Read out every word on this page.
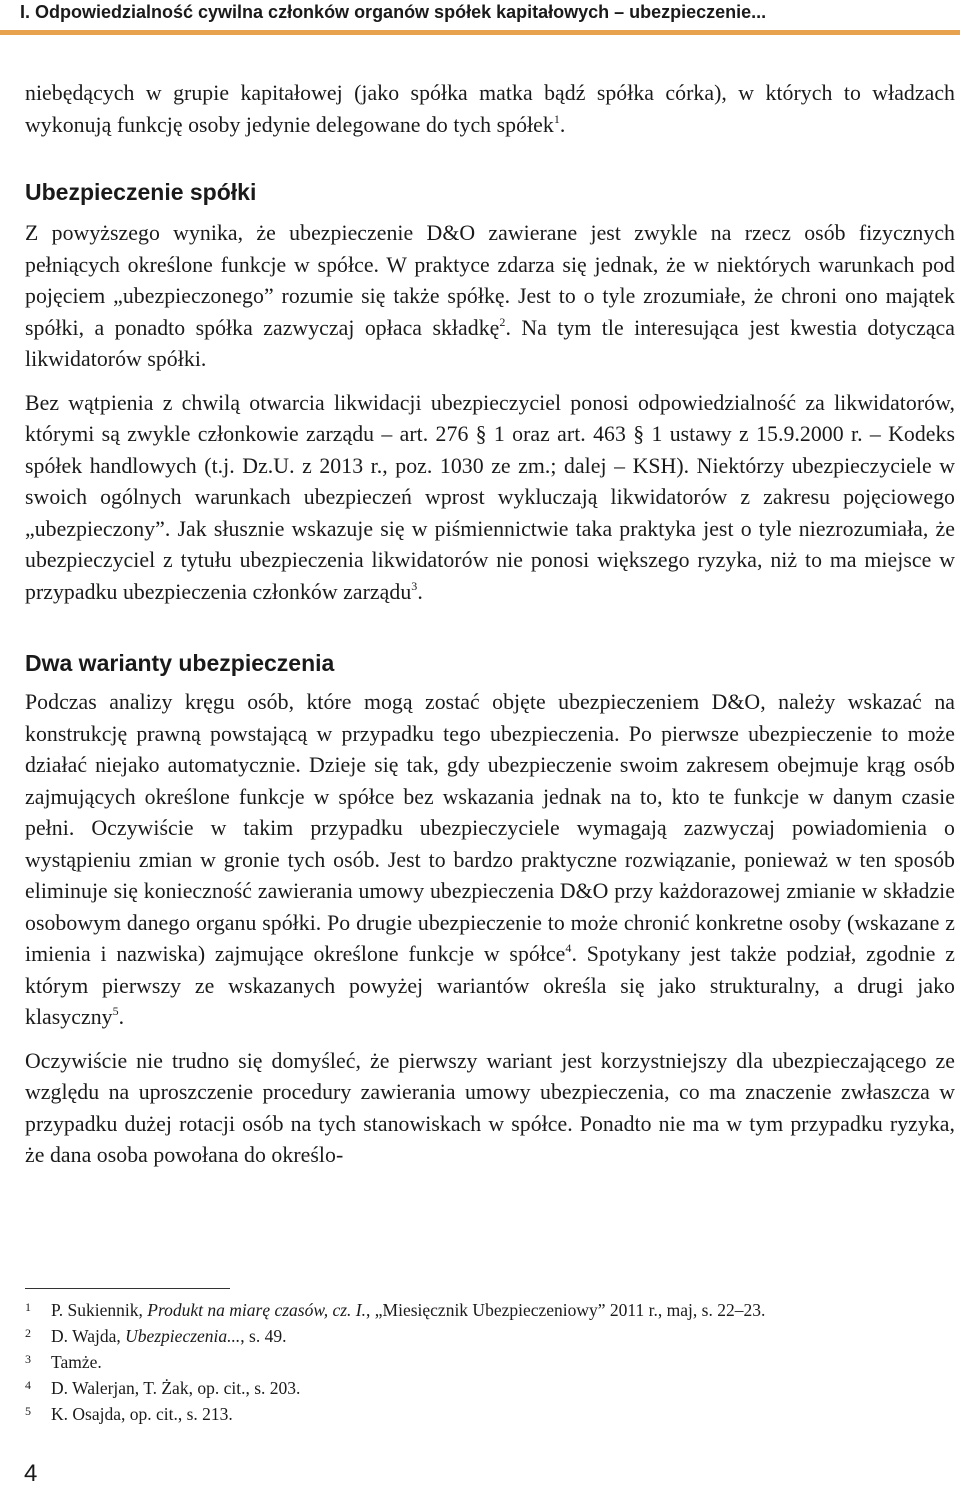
I. Odpowiedzialność cywilna członków organów spółek kapitałowych – ubezpieczenie...

niebędących w grupie kapitałowej (jako spółka matka bądź spółka córka), w których to władzach wykonują funkcję osoby jedynie delegowane do tych spółek$^1$.

Ubezpieczenie spółki

Z powyższego wynika, że ubezpieczenie D&O zawierane jest zwykle na rzecz osób fizycznych pełniących określone funkcje w spółce. W praktyce zdarza się jednak, że w niektórych warunkach pod pojęciem „ubezpieczonego” rozumie się także spółkę. Jest to o tyle zrozumiałe, że chroni ono majątek spółki, a ponadto spółka zazwyczaj opłaca składkę$^2$. Na tym tle interesująca jest kwestia dotycząca likwidatorów spółki.

Bez wątpienia z chwilą otwarcia likwidacji ubezpieczyciel ponosi odpowiedzialność za likwidatorów, którymi są zwykle członkowie zarządu – art. 276 § 1 oraz art. 463 § 1 ustawy z 15.9.2000 r. – Kodeks spółek handlowych (t.j. Dz.U. z 2013 r., poz. 1030 ze zm.; dalej – KSH). Niektórzy ubezpieczyciele w swoich ogólnych warunkach ubezpieczeń wprost wykluczają likwidatorów z zakresu pojęciowego „ubezpieczony”. Jak słusznie wskazuje się w piśmiennictwie taka praktyka jest o tyle niezrozumiała, że ubezpieczyciel z tytułu ubezpieczenia likwidatorów nie ponosi większego ryzyka, niż to ma miejsce w przypadku ubezpieczenia członków zarządu$^3$.

Dwa warianty ubezpieczenia

Podczas analizy kręgu osób, które mogą zostać objęte ubezpieczeniem D&O, należy wskazać na konstrukcję prawną powstającą w przypadku tego ubezpieczenia. Po pierwsze ubezpieczenie to może działać niejako automatycznie. Dzieje się tak, gdy ubezpieczenie swoim zakresem obejmuje krąg osób zajmujących określone funkcje w spółce bez wskazania jednak na to, kto te funkcje w danym czasie pełni. Oczywiście w takim przypadku ubezpieczyciele wymagają zazwyczaj powiadomienia o wystąpieniu zmian w gronie tych osób. Jest to bardzo praktyczne rozwiązanie, ponieważ w ten sposób eliminuje się konieczność zawierania umowy ubezpieczenia D&O przy każdorazowej zmianie w składzie osobowym danego organu spółki. Po drugie ubezpieczenie to może chronić konkretne osoby (wskazane z imienia i nazwiska) zajmujące określone funkcje w spółce$^4$. Spotykany jest także podział, zgodnie z którym pierwszy ze wskazanych powyżej wariantów określa się jako strukturalny, a drugi jako klasyczny$^5$.

Oczywiście nie trudno się domyśleć, że pierwszy wariant jest korzystniejszy dla ubezpieczającego ze względu na uproszczenie procedury zawierania umowy ubezpieczenia, co ma znaczenie zwłaszcza w przypadku dużej rotacji osób na tych stanowiskach w spółce. Ponadto nie ma w tym przypadku ryzyka, że dana osoba powołana do określo-

1 P. Sukiennik, Produkt na miarę czasów, cz. I., „Miesięcznik Ubezpieczeniowy” 2011 r., maj, s. 22–23.

2 D. Wajda, Ubezpieczenia..., s. 49.

3 Tamże.

4 D. Walerjan, T. Żak, op. cit., s. 203.

5 K. Osajda, op. cit., s. 213.

4
